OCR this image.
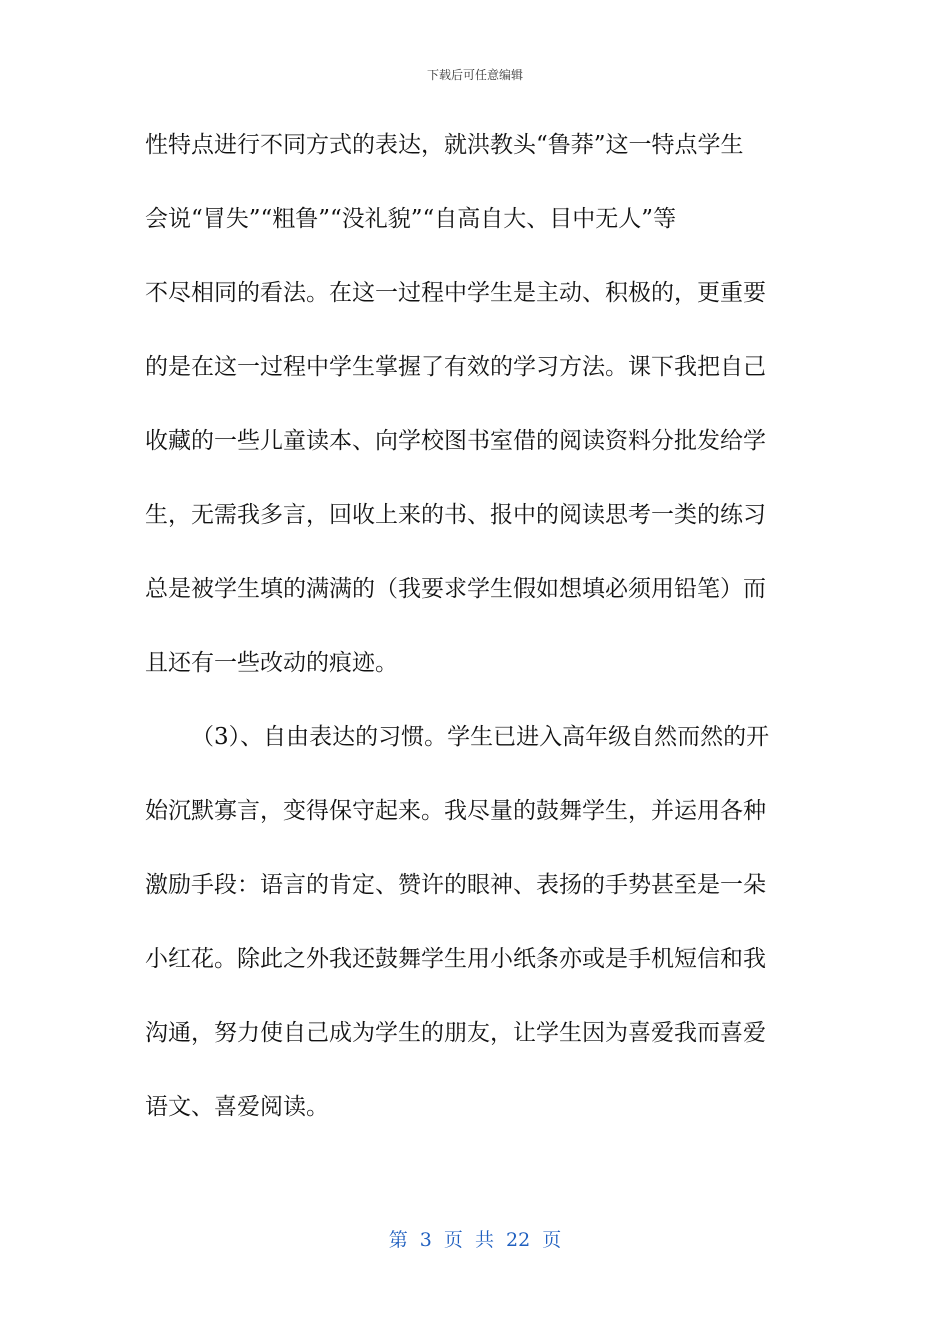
下载后可任意编辑
性特点进行不同方式的表达，就洪教头“鲁莽”这一特点学生
会说“冒失”“粗鲁”“没礼貌”“自高自大、目中无人”等
不尽相同的看法。在这一过程中学生是主动、积极的，更重要
的是在这一过程中学生掌握了有效的学习方法。课下我把自己
收藏的一些儿童读本、向学校图书室借的阅读资料分批发给学
生，无需我多言，回收上来的书、报中的阅读思考一类的练习
总是被学生填的满满的（我要求学生假如想填必须用铅笔）而
且还有一些改动的痕迹。
（3）、自由表达的习惯。学生已进入高年级自然而然的开
始沉默寡言，变得保守起来。我尽量的鼓舞学生，并运用各种
激励手段：语言的肯定、赞许的眼神、表扬的手势甚至是一朵
小红花。除此之外我还鼓舞学生用小纸条亦或是手机短信和我
沟通，努力使自己成为学生的朋友，让学生因为喜爱我而喜爱
语文、喜爱阅读。
第 3 页 共 22 页
